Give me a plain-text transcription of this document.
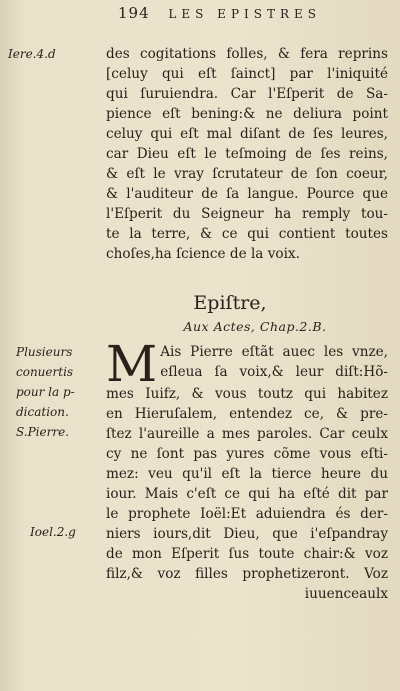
194 LES EPISTRES
Iere.4.d	des cogitations folles, & fera reprins
[celuy qui eſt ſainct] par l'iniquité
qui ſuruiendra. Car l'Eſperit de Sa-
pience eſt bening:& ne deliura point
celuy qui eſt mal diſant de ſes leures,
car Dieu eſt le teſmoing de ſes reins,
& eſt le vray ſcrutateur de ſon coeur,
& l'auditeur de ſa langue. Pource que
l'Eſperit du Seigneur ha remply tou-
te la terre, & ce qui contient toutes
choſes,ha ſcience de la voix.
Epiſtre,
Aux Actes, Chap.2.B.
Plusieurs
conuertis
pour la p-
dication.
S.Pierre.
Ioel.2.g
M Ais Pierre eſtãt auec les vnze,
eſleua ſa voix,& leur diſt:Hõ-
mes Iuifz, & vous toutz qui habitez
en Hieruſalem, entendez ce, & pre-
ſtez l'aureille a mes paroles. Car ceulx
cy ne ſont pas yures cõme vous eſti-
mez: veu qu'il eſt la tierce heure du
iour. Mais c'eſt ce qui ha eſté dit par
le prophete Ioël:Et aduiendra és der-
niers iours,dit Dieu, que i'eſpandray
de mon Eſperit ſus toute chair:& voz
filz,& voz filles prophetizeront. Voz
iuuenceaulx
